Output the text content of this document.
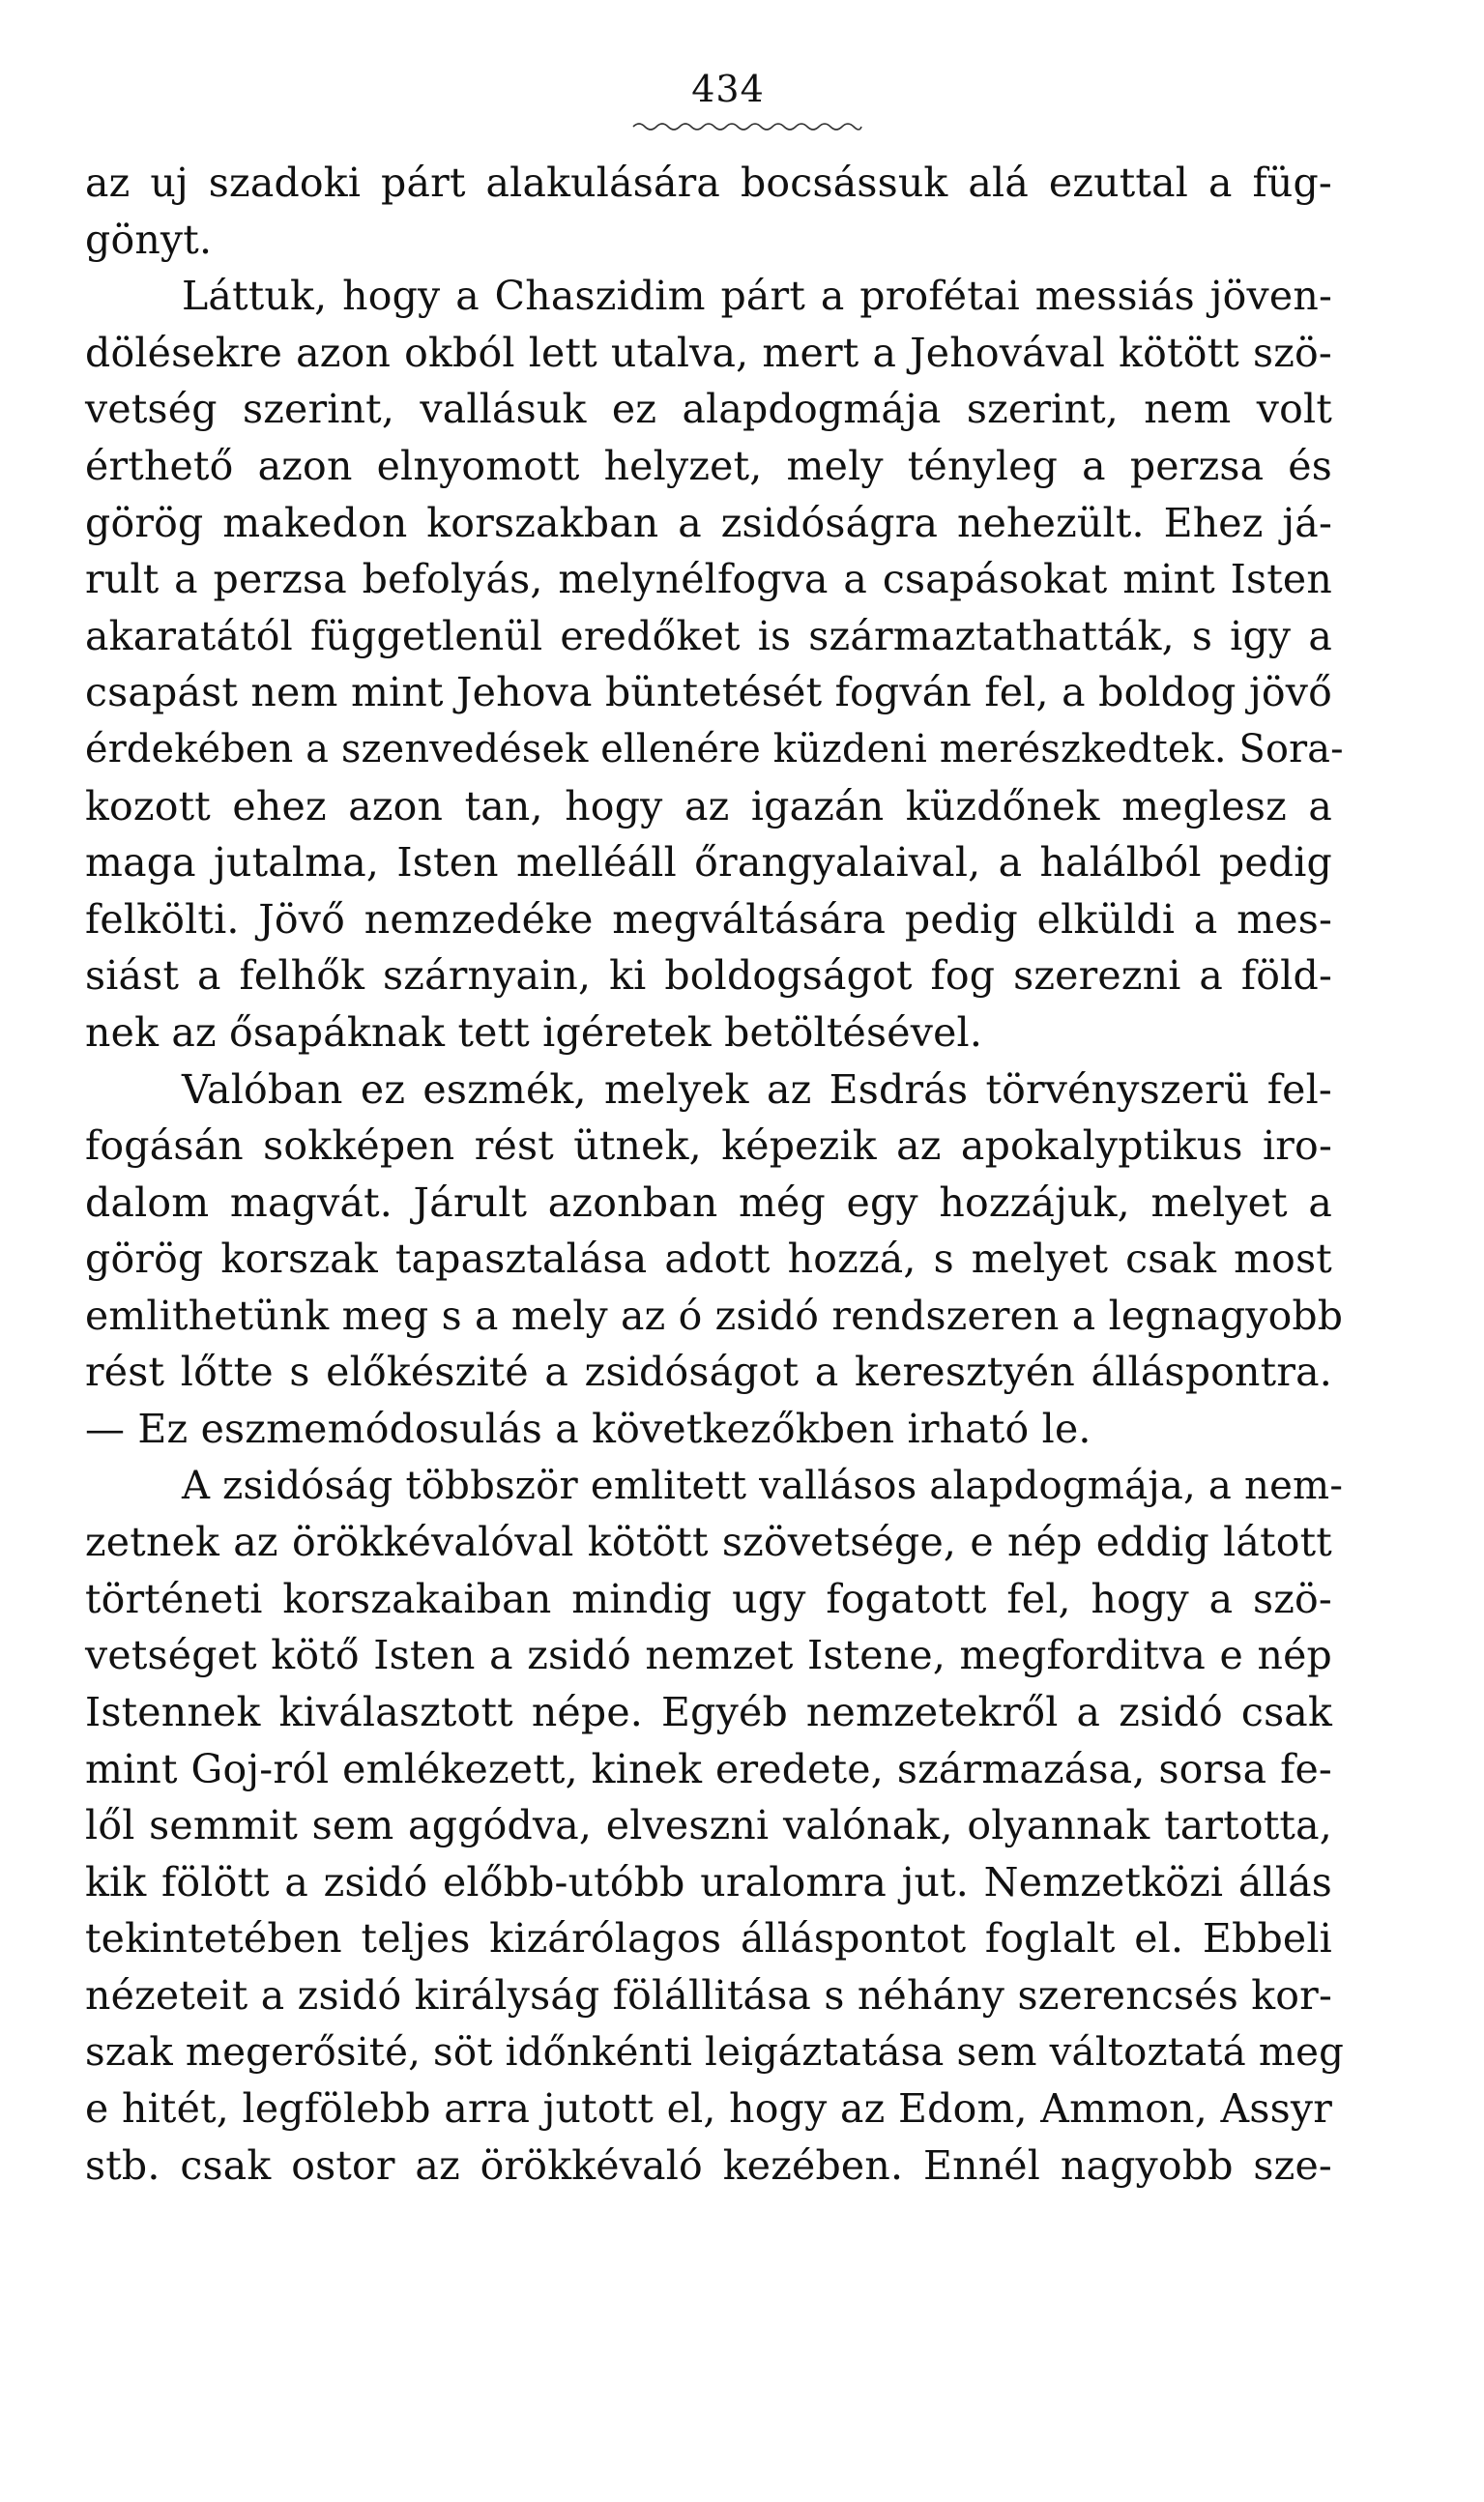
434
az uj szadoki párt alakulására bocsássuk alá ezuttal a füg-
gönyt.
Láttuk, hogy a Chaszidim párt a profétai messiás jöven-
dölésekre azon okból lett utalva, mert a Jehovával kötött szö-
vetség szerint, vallásuk ez alapdogmája szerint, nem volt
érthető azon elnyomott helyzet, mely tényleg a perzsa és
görög makedon korszakban a zsidóságra nehezült. Ehez já-
rult a perzsa befolyás, melynélfogva a csapásokat mint Isten
akaratától függetlenül eredőket is származtathatták, s igy a
csapást nem mint Jehova büntetését fogván fel, a boldog jövő
érdekében a szenvedések ellenére küzdeni merészkedtek. Sora-
kozott ehez azon tan, hogy az igazán küzdőnek meglesz a
maga jutalma, Isten melléáll őrangyalaival, a halálból pedig
felkölti. Jövő nemzedéke megváltására pedig elküldi a mes-
siást a felhők szárnyain, ki boldogságot fog szerezni a föld-
nek az ősapáknak tett igéretek betöltésével.
Valóban ez eszmék, melyek az Esdrás törvényszerü fel-
fogásán sokképen rést ütnek, képezik az apokalyptikus iro-
dalom magvát. Járult azonban még egy hozzájuk, melyet a
görög korszak tapasztalása adott hozzá, s melyet csak most
emlithetünk meg s a mely az ó zsidó rendszeren a legnagyobb
rést lőtte s előkészité a zsidóságot a keresztyén álláspontra.
— Ez eszmemódosulás a következőkben irható le.
A zsidóság többször emlitett vallásos alapdogmája, a nem-
zetnek az örökkévalóval kötött szövetsége, e nép eddig látott
történeti korszakaiban mindig ugy fogatott fel, hogy a szö-
vetséget kötő Isten a zsidó nemzet Istene, megforditva e nép
Istennek kiválasztott népe. Egyéb nemzetekről a zsidó csak
mint Goj-ról emlékezett, kinek eredete, származása, sorsa fe-
lől semmit sem aggódva, elveszni valónak, olyannak tartotta,
kik fölött a zsidó előbb-utóbb uralomra jut. Nemzetközi állás
tekintetében teljes kizárólagos álláspontot foglalt el. Ebbeli
nézeteit a zsidó királyság fölállitása s néhány szerencsés kor-
szak megerősité, söt időnkénti leigáztatása sem változtatá meg
e hitét, legfölebb arra jutott el, hogy az Edom, Ammon, Assyr
stb. csak ostor az örökkévaló kezében. Ennél nagyobb sze-
